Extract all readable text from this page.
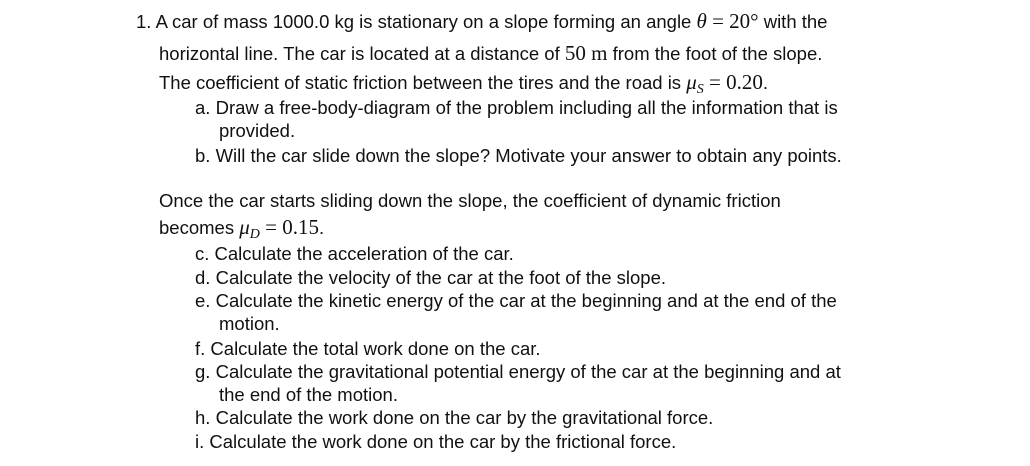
1. A car of mass 1000.0 kg is stationary on a slope forming an angle θ = 20° with the
horizontal line. The car is located at a distance of 50 m from the foot of the slope.
The coefficient of static friction between the tires and the road is μS = 0.20.
a. Draw a free-body-diagram of the problem including all the information that is
provided.
b. Will the car slide down the slope? Motivate your answer to obtain any points.
Once the car starts sliding down the slope, the coefficient of dynamic friction
becomes μD = 0.15.
c. Calculate the acceleration of the car.
d. Calculate the velocity of the car at the foot of the slope.
e. Calculate the kinetic energy of the car at the beginning and at the end of the
motion.
f. Calculate the total work done on the car.
g. Calculate the gravitational potential energy of the car at the beginning and at
the end of the motion.
h. Calculate the work done on the car by the gravitational force.
i. Calculate the work done on the car by the frictional force.
